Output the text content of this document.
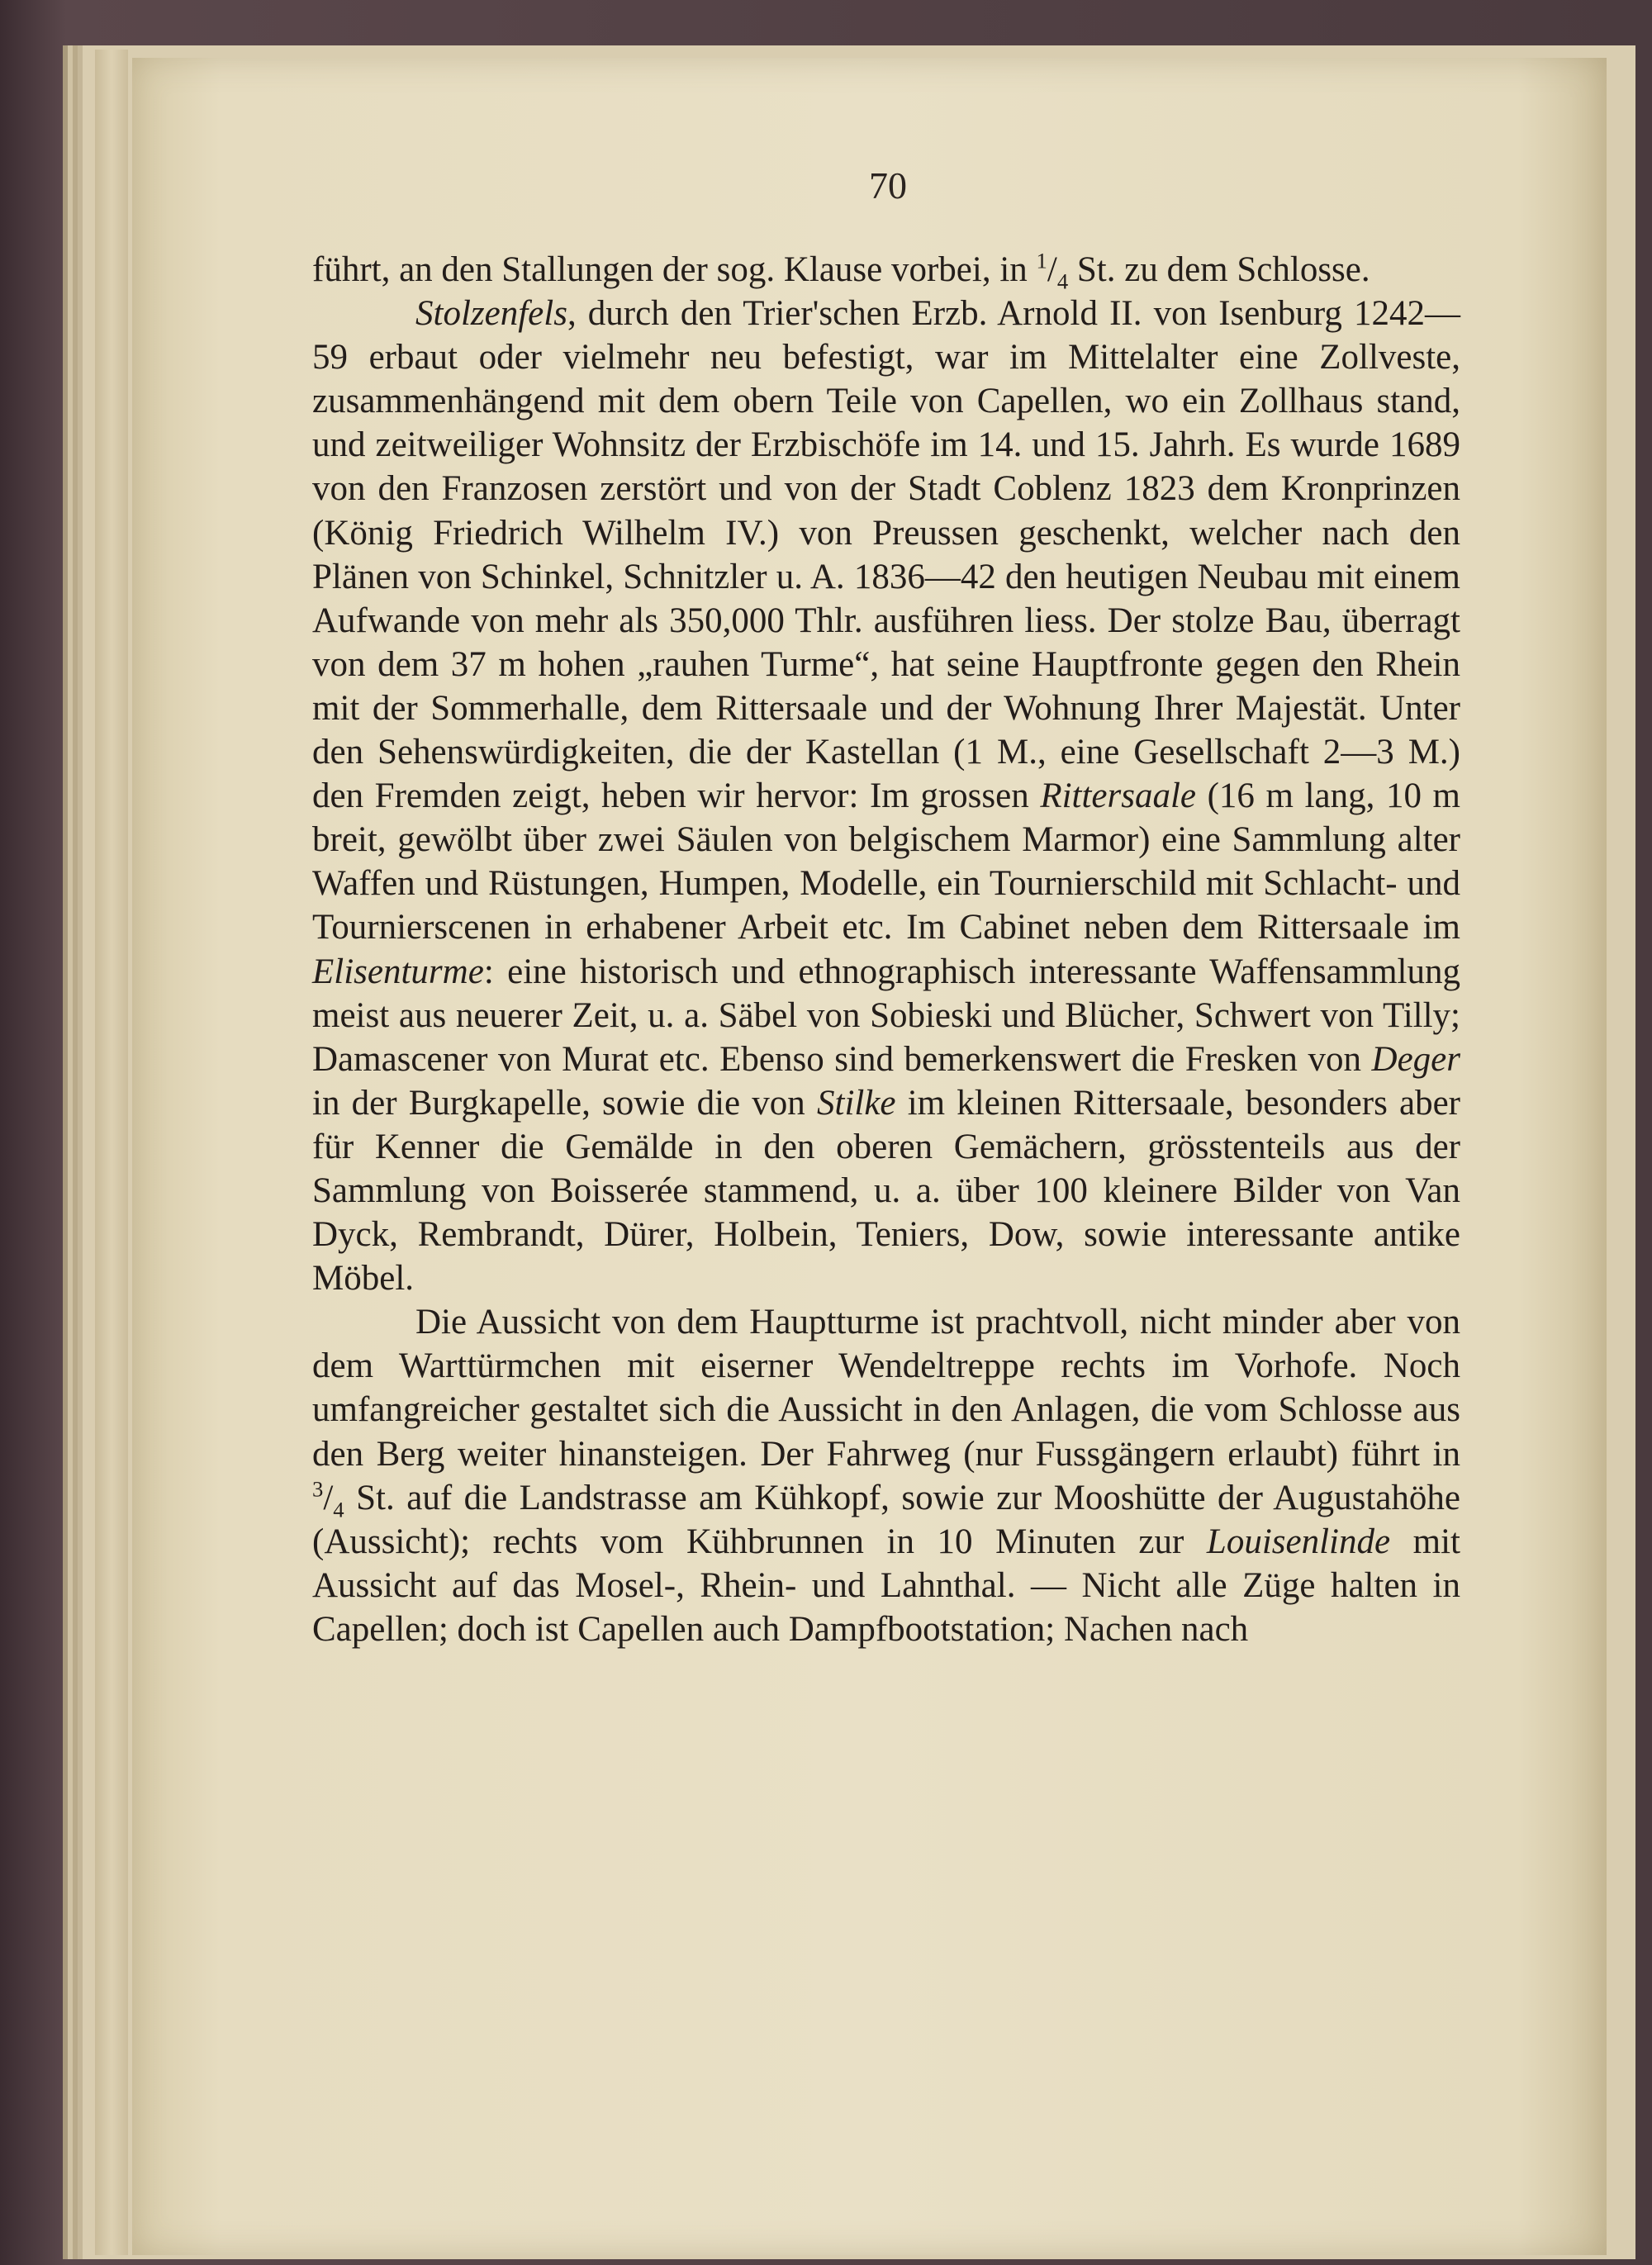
70

führt, an den Stallungen der sog. Klause vorbei, in $^1/_4$ St. zu dem Schlosse.

Stolzenfels, durch den Trier'schen Erzb. Arnold II. von Isenburg 1242—59 erbaut oder vielmehr neu befestigt, war im Mittelalter eine Zollveste, zusammenhängend mit dem obern Teile von Capellen, wo ein Zollhaus stand, und zeitweiliger Wohnsitz der Erzbischöfe im 14. und 15. Jahrh. Es wurde 1689 von den Franzosen zerstört und von der Stadt Coblenz 1823 dem Kronprinzen (König Friedrich Wilhelm IV.) von Preussen geschenkt, welcher nach den Plänen von Schinkel, Schnitzler u. A. 1836—42 den heutigen Neubau mit einem Aufwande von mehr als 350,000 Thlr. ausführen liess. Der stolze Bau, überragt von dem 37 m hohen „rauhen Turme“, hat seine Hauptfronte gegen den Rhein mit der Sommerhalle, dem Rittersaale und der Wohnung Ihrer Majestät. Unter den Sehenswürdigkeiten, die der Kastellan (1 M., eine Gesellschaft 2—3 M.) den Fremden zeigt, heben wir hervor: Im grossen Rittersaale (16 m lang, 10 m breit, gewölbt über zwei Säulen von belgischem Marmor) eine Sammlung alter Waffen und Rüstungen, Humpen, Modelle, ein Tournierschild mit Schlacht- und Tournierscenen in erhabener Arbeit etc. Im Cabinet neben dem Rittersaale im Elisenturme: eine historisch und ethnographisch interessante Waffensammlung meist aus neuerer Zeit, u. a. Säbel von Sobieski und Blücher, Schwert von Tilly; Damascener von Murat etc. Ebenso sind bemerkenswert die Fresken von Deger in der Burgkapelle, sowie die von Stilke im kleinen Rittersaale, besonders aber für Kenner die Gemälde in den oberen Gemächern, grösstenteils aus der Sammlung von Boisserée stammend, u. a. über 100 kleinere Bilder von Van Dyck, Rembrandt, Dürer, Holbein, Teniers, Dow, sowie interessante antike Möbel.

Die Aussicht von dem Hauptturme ist prachtvoll, nicht minder aber von dem Warttürmchen mit eiserner Wendeltreppe rechts im Vorhofe. Noch umfangreicher gestaltet sich die Aussicht in den Anlagen, die vom Schlosse aus den Berg weiter hinansteigen. Der Fahrweg (nur Fussgängern erlaubt) führt in $^3/_4$ St. auf die Landstrasse am Kühkopf, sowie zur Mooshütte der Augustahöhe (Aussicht); rechts vom Kühbrunnen in 10 Minuten zur Louisenlinde mit Aussicht auf das Mosel-, Rhein- und Lahnthal. — Nicht alle Züge halten in Capellen; doch ist Capellen auch Dampfbootstation; Nachen nach
